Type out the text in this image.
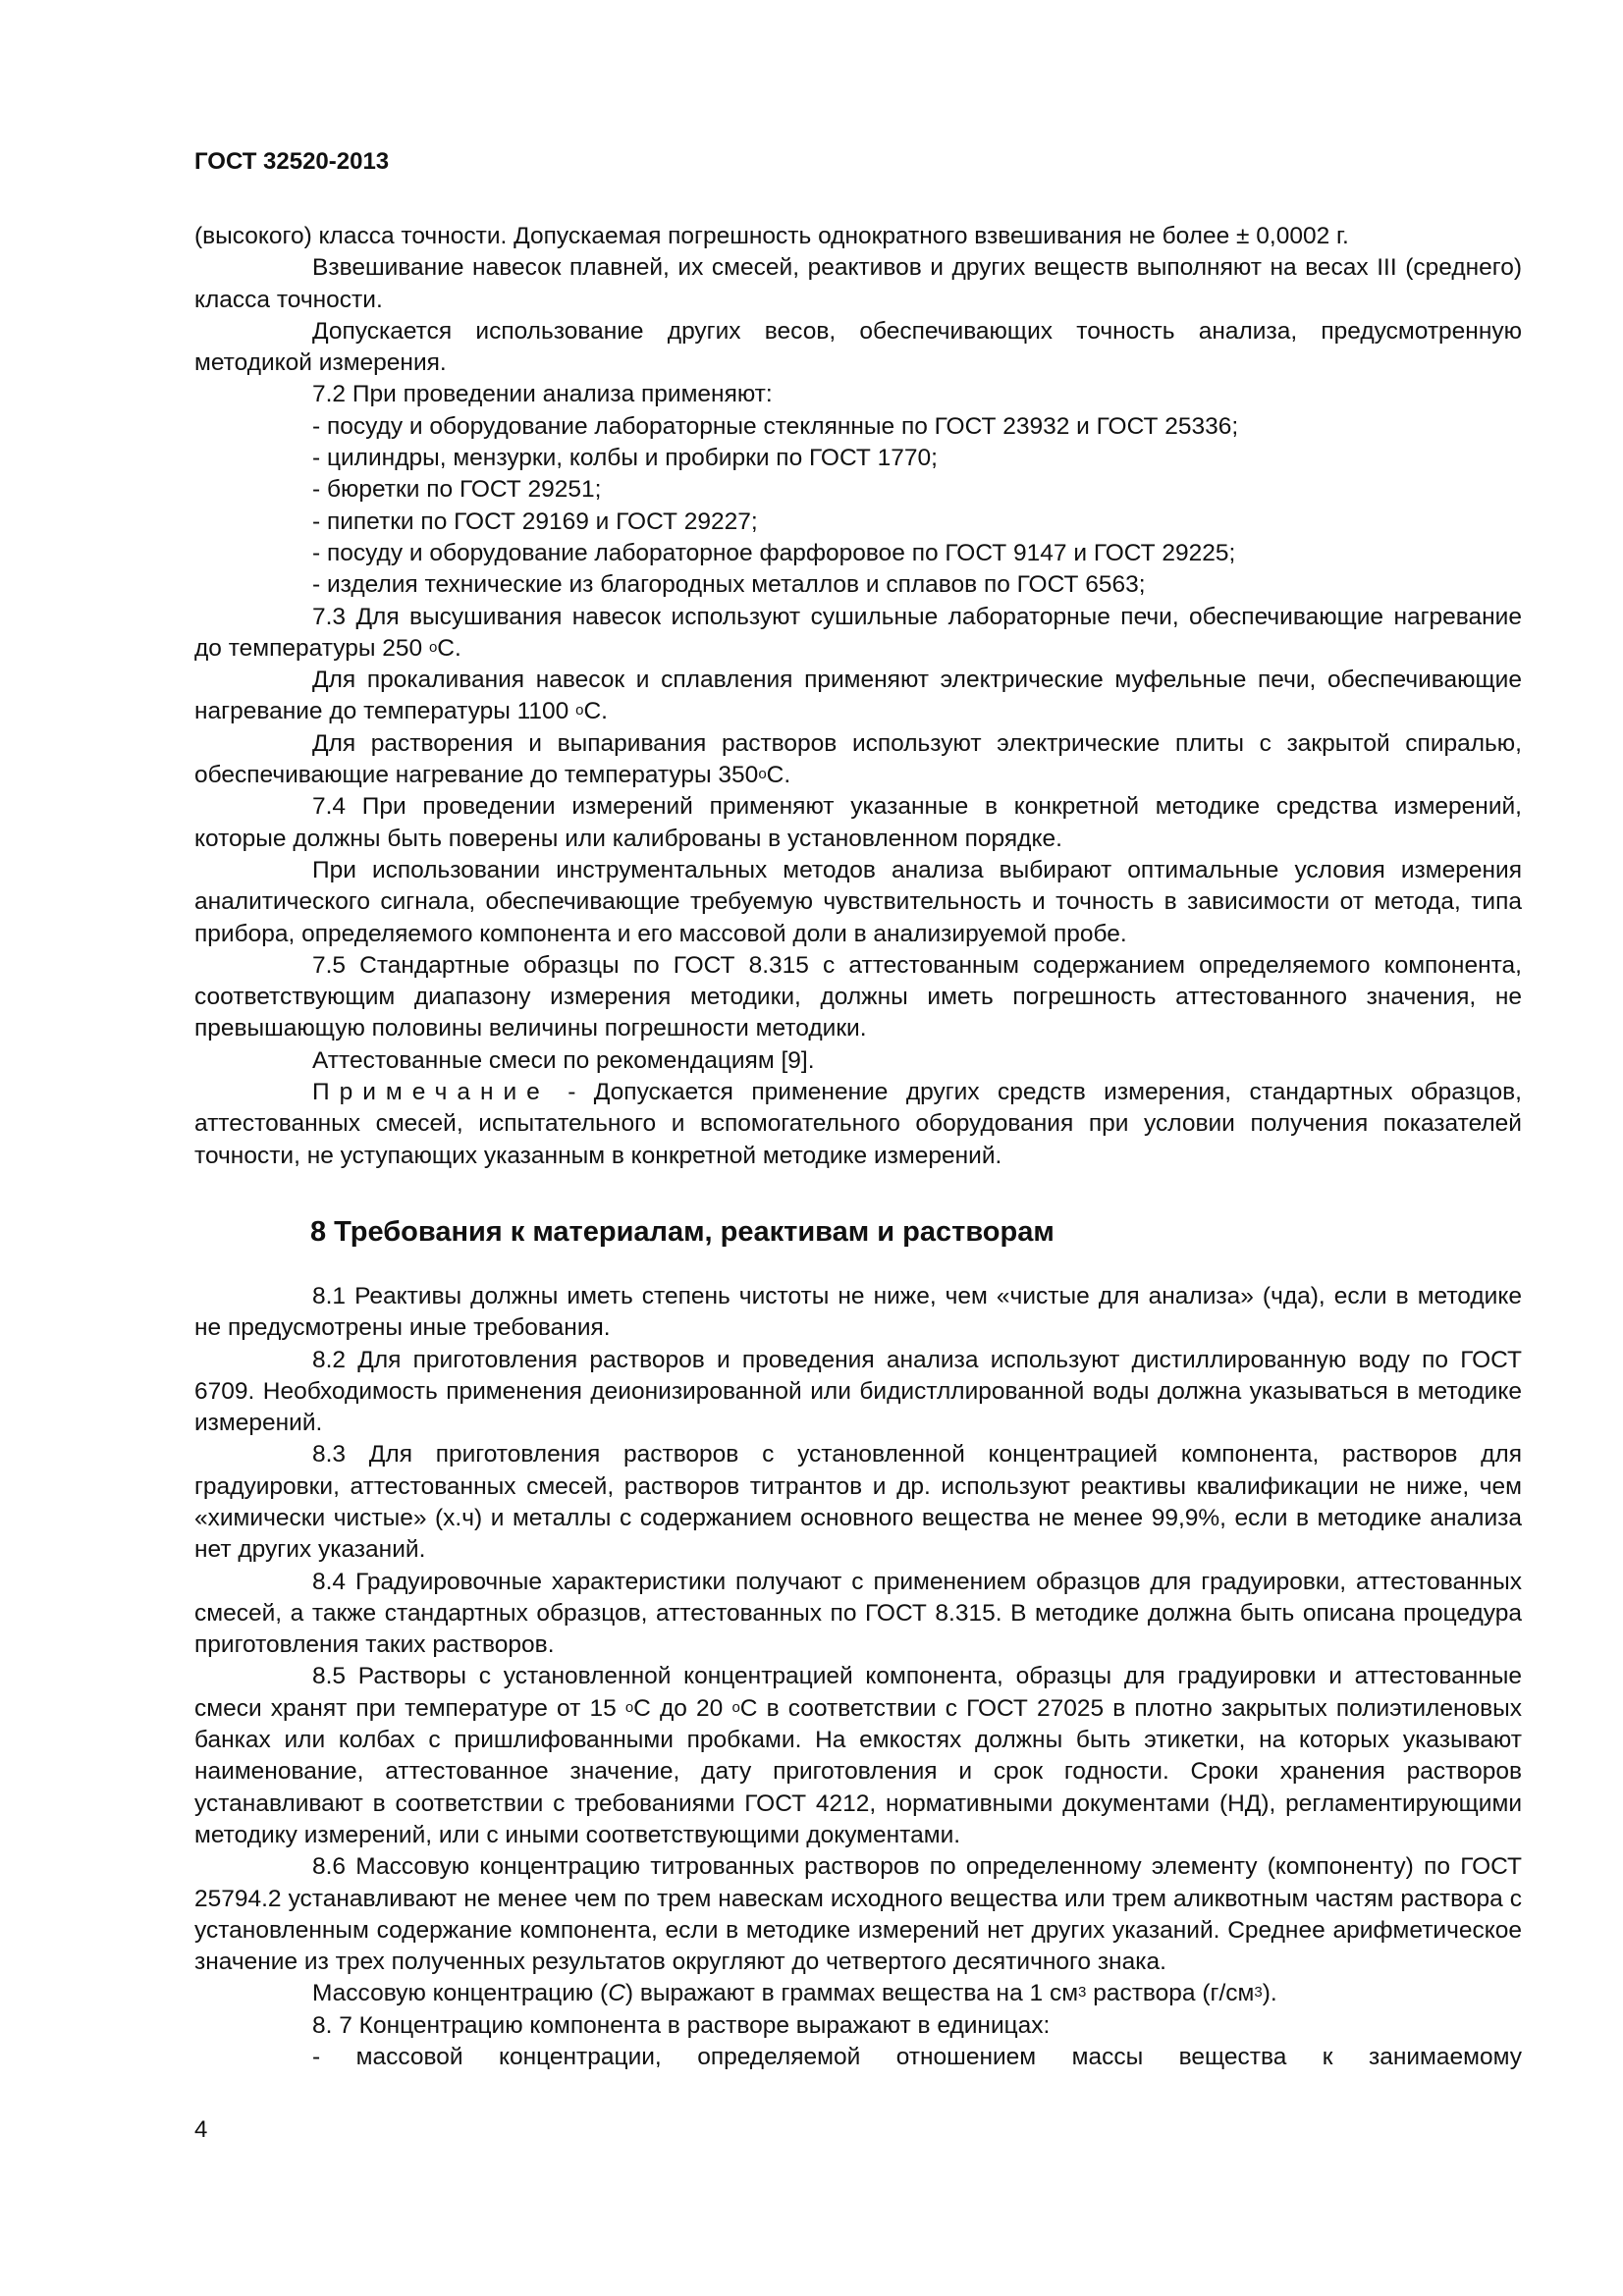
ГОСТ 32520-2013

(высокого) класса точности. Допускаемая погрешность однократного взвешивания не более ± 0,0002 г.

Взвешивание навесок плавней, их смесей, реактивов и других веществ выполняют на весах III (среднего) класса точности.

Допускается использование других весов, обеспечивающих точность анализа, предусмотренную методикой измерения.

7.2 При проведении анализа применяют:

- посуду и оборудование лабораторные стеклянные по ГОСТ 23932 и ГОСТ 25336;

- цилиндры, мензурки, колбы и пробирки по ГОСТ 1770;

- бюретки по ГОСТ 29251;

- пипетки по ГОСТ 29169 и ГОСТ 29227;

- посуду и оборудование лабораторное фарфоровое по ГОСТ 9147 и ГОСТ 29225;

- изделия технические из благородных металлов и сплавов по ГОСТ 6563;

7.3 Для высушивания навесок используют сушильные лабораторные печи, обеспечивающие нагревание до температуры 250 $^о$С.

Для прокаливания навесок и сплавления применяют электрические муфельные печи, обеспечивающие нагревание до температуры 1100 $^о$С.

Для растворения и выпаривания растворов используют электрические плиты с закрытой спиралью, обеспечивающие нагревание до температуры $350^оС$.

7.4 При проведении измерений применяют указанные в конкретной методике средства измерений, которые должны быть поверены или калиброваны в установленном порядке.

При использовании инструментальных методов анализа выбирают оптимальные условия измерения аналитического сигнала, обеспечивающие требуемую чувствительность и точность в зависимости от метода, типа прибора, определяемого компонента и его массовой доли в анализируемой пробе.

7.5 Стандартные образцы по ГОСТ 8.315 с аттестованным содержанием определяемого компонента, соответствующим диапазону измерения методики, должны иметь погрешность аттестованного значения, не превышающую половины величины погрешности методики.

Аттестованные смеси по рекомендациям [9].

Примечание - Допускается применение других средств измерения, стандартных образцов, аттестованных смесей, испытательного и вспомогательного оборудования при условии получения показателей точности, не уступающих указанным в конкретной методике измерений.

8 Требования к материалам, реактивам и растворам

8.1 Реактивы должны иметь степень чистоты не ниже, чем «чистые для анализа» (чда), если в методике не предусмотрены иные требования.

8.2 Для приготовления растворов и проведения анализа используют дистиллированную воду по ГОСТ 6709. Необходимость применения деионизированной или бидистллированной воды должна указываться в методике измерений.

8.3 Для приготовления растворов с установленной концентрацией компонента, растворов для градуировки, аттестованных смесей, растворов титрантов и др. используют реактивы квалификации не ниже, чем «химически чистые» (х.ч) и металлы с содержанием основного вещества не менее 99,9%, если в методике анализа нет других указаний.

8.4 Градуировочные характеристики получают с применением образцов для градуировки, аттестованных смесей, а также стандартных образцов, аттестованных по ГОСТ 8.315. В методике должна быть описана процедура приготовления таких растворов.

8.5 Растворы с установленной концентрацией компонента, образцы для градуировки и аттестованные смеси хранят при температуре от 15 $^о$С до 20 $^о$С в соответствии с ГОСТ 27025 в плотно закрытых полиэтиленовых банках или колбах с пришлифованными пробками. На емкостях должны быть этикетки, на которых указывают наименование, аттестованное значение, дату приготовления и срок годности. Сроки хранения растворов устанавливают в соответствии с требованиями ГОСТ 4212, нормативными документами (НД), регламентирующими методику измерений, или с иными соответствующими документами.

8.6 Массовую концентрацию титрованных растворов по определенному элементу (компоненту) по ГОСТ 25794.2 устанавливают не менее чем по трем навескам исходного вещества или трем аликвотным частям раствора с установленным содержание компонента, если в методике измерений нет других указаний. Среднее арифметическое значение из трех полученных результатов округляют до четвертого десятичного знака.

Массовую концентрацию (С) выражают в граммах вещества на 1 $см^3$ раствора $(г/см^3)$.

8. 7 Концентрацию компонента в растворе выражают в единицах:

- массовой концентрации, определяемой отношением массы вещества к занимаемому

4
